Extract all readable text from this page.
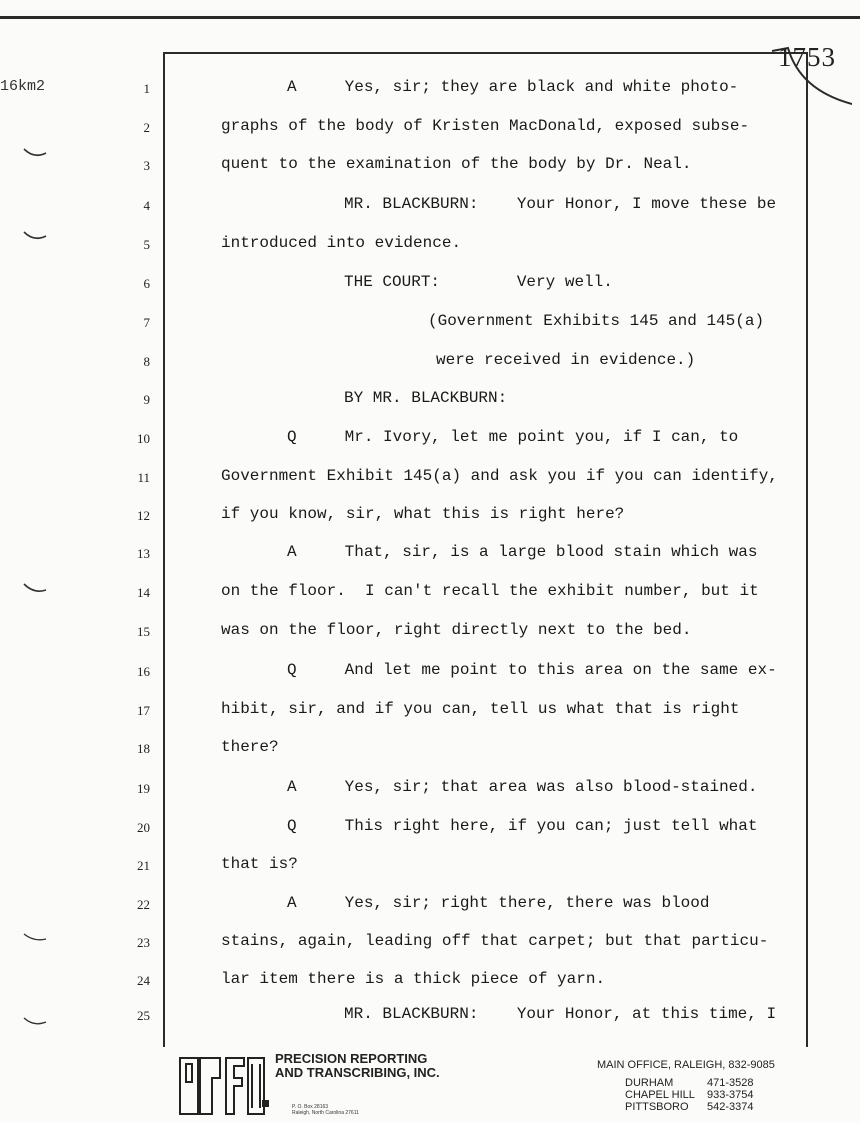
16km2
1753
1	A     Yes, sir; they are black and white photo-
2	graphs of the body of Kristen MacDonald, exposed subse-
3	quent to the examination of the body by Dr. Neal.
4	MR. BLACKBURN:    Your Honor, I move these be
5	introduced into evidence.
6	THE COURT:        Very well.
7	(Government Exhibits 145 and 145(a)
8	were received in evidence.)
9	BY MR. BLACKBURN:
10	Q     Mr. Ivory, let me point you, if I can, to
11	Government Exhibit 145(a) and ask you if you can identify,
12	if you know, sir, what this is right here?
13	A     That, sir, is a large blood stain which was
14	on the floor.  I can't recall the exhibit number, but it
15	was on the floor, right directly next to the bed.
16	Q     And let me point to this area on the same ex-
17	hibit, sir, and if you can, tell us what that is right
18	there?
19	A     Yes, sir; that area was also blood-stained.
20	Q     This right here, if you can; just tell what
21	that is?
22	A     Yes, sir; right there, there was blood
23	stains, again, leading off that carpet; but that particu-
24	lar item there is a thick piece of yarn.
25	MR. BLACKBURN:    Your Honor, at this time, I
PRECISION REPORTING
AND TRANSCRIBING, INC.
P. O. Box 28163
Raleigh, North Carolina 27611
MAIN OFFICE, RALEIGH, 832-9085
DURHAM	471-3528
CHAPEL HILL	933-3754
PITTSBORO	542-3374
